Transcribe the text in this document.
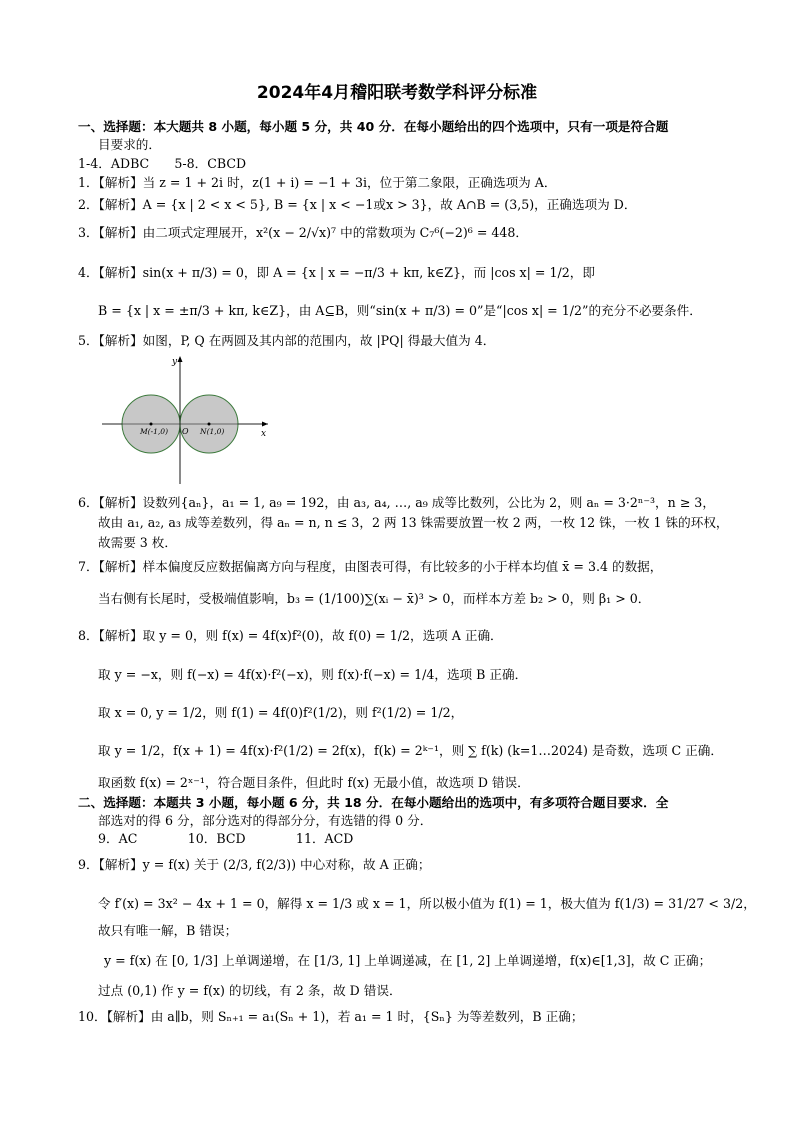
2024年4月稽阳联考数学科评分标准
一、选择题：本大题共 8 小题，每小题 5 分，共 40 分．在每小题给出的四个选项中，只有一项是符合题
目要求的．
1-4．ADBC　　5-8．CBCD
1．【解析】当 z = 1 + 2i 时，z(1 + i) = −1 + 3i，位于第二象限，正确选项为 A．
2．【解析】A = {x | 2 < x < 5}, B = {x | x < −1或x > 3}，故 A∩B = (3,5)，正确选项为 D．
3．【解析】由二项式定理展开，x²(x − 2/√x)⁷ 中的常数项为 C₇⁶(−2)⁶ = 448．
4．【解析】sin(x + π/3) = 0，即 A = {x | x = −π/3 + kπ, k∈Z}，而 |cos x| = 1/2，即
B = {x | x = ±π/3 + kπ, k∈Z}，由 A⊆B，则“sin(x + π/3) = 0”是“|cos x| = 1/2”的充分不必要条件．
5．【解析】如图，P, Q 在两圆及其内部的范围内，故 |PQ| 得最大值为 4．
y
x
O
M(-1,0)	N(1,0)
6．【解析】设数列{aₙ}，a₁ = 1, a₉ = 192，由 a₃, a₄, …, a₉ 成等比数列，公比为 2，则 aₙ = 3·2ⁿ⁻³，n ≥ 3，
故由 a₁, a₂, a₃ 成等差数列，得 aₙ = n, n ≤ 3，2 两 13 铢需要放置一枚 2 两，一枚 12 铢，一枚 1 铢的环权，
故需要 3 枚．
7．【解析】样本偏度反应数据偏离方向与程度，由图表可得，有比较多的小于样本均值 x̄ = 3.4 的数据，
当右侧有长尾时，受极端值影响，b₃ = (1/100)∑(xᵢ − x̄)³ > 0，而样本方差 b₂ > 0，则 β₁ > 0．
8．【解析】取 y = 0，则 f(x) = 4f(x)f²(0)，故 f(0) = 1/2，选项 A 正确．
取 y = −x，则 f(−x) = 4f(x)·f²(−x)，则 f(x)·f(−x) = 1/4，选项 B 正确．
取 x = 0, y = 1/2，则 f(1) = 4f(0)f²(1/2)，则 f²(1/2) = 1/2，
取 y = 1/2，f(x + 1) = 4f(x)·f²(1/2) = 2f(x)，f(k) = 2ᵏ⁻¹，则 ∑ f(k) (k=1…2024) 是奇数，选项 C 正确．
取函数 f(x) = 2ˣ⁻¹，符合题目条件，但此时 f(x) 无最小值，故选项 D 错误．
二、选择题：本题共 3 小题，每小题 6 分，共 18 分．在每小题给出的选项中，有多项符合题目要求．全
部选对的得 6 分，部分选对的得部分分，有选错的得 0 分．
9．AC　　　　10．BCD　　　　11．ACD
9．【解析】y = f(x) 关于 (2/3, f(2/3)) 中心对称，故 A 正确；
令 f′(x) = 3x² − 4x + 1 = 0，解得 x = 1/3 或 x = 1，所以极小值为 f(1) = 1，极大值为 f(1/3) = 31/27 < 3/2，
故只有唯一解，B 错误；
y = f(x) 在 [0, 1/3] 上单调递增，在 [1/3, 1] 上单调递减，在 [1, 2] 上单调递增，f(x)∈[1,3]，故 C 正确；
过点 (0,1) 作 y = f(x) 的切线，有 2 条，故 D 错误．
10．【解析】由 a∥b，则 Sₙ₊₁ = a₁(Sₙ + 1)，若 a₁ = 1 时，{Sₙ} 为等差数列，B 正确；
